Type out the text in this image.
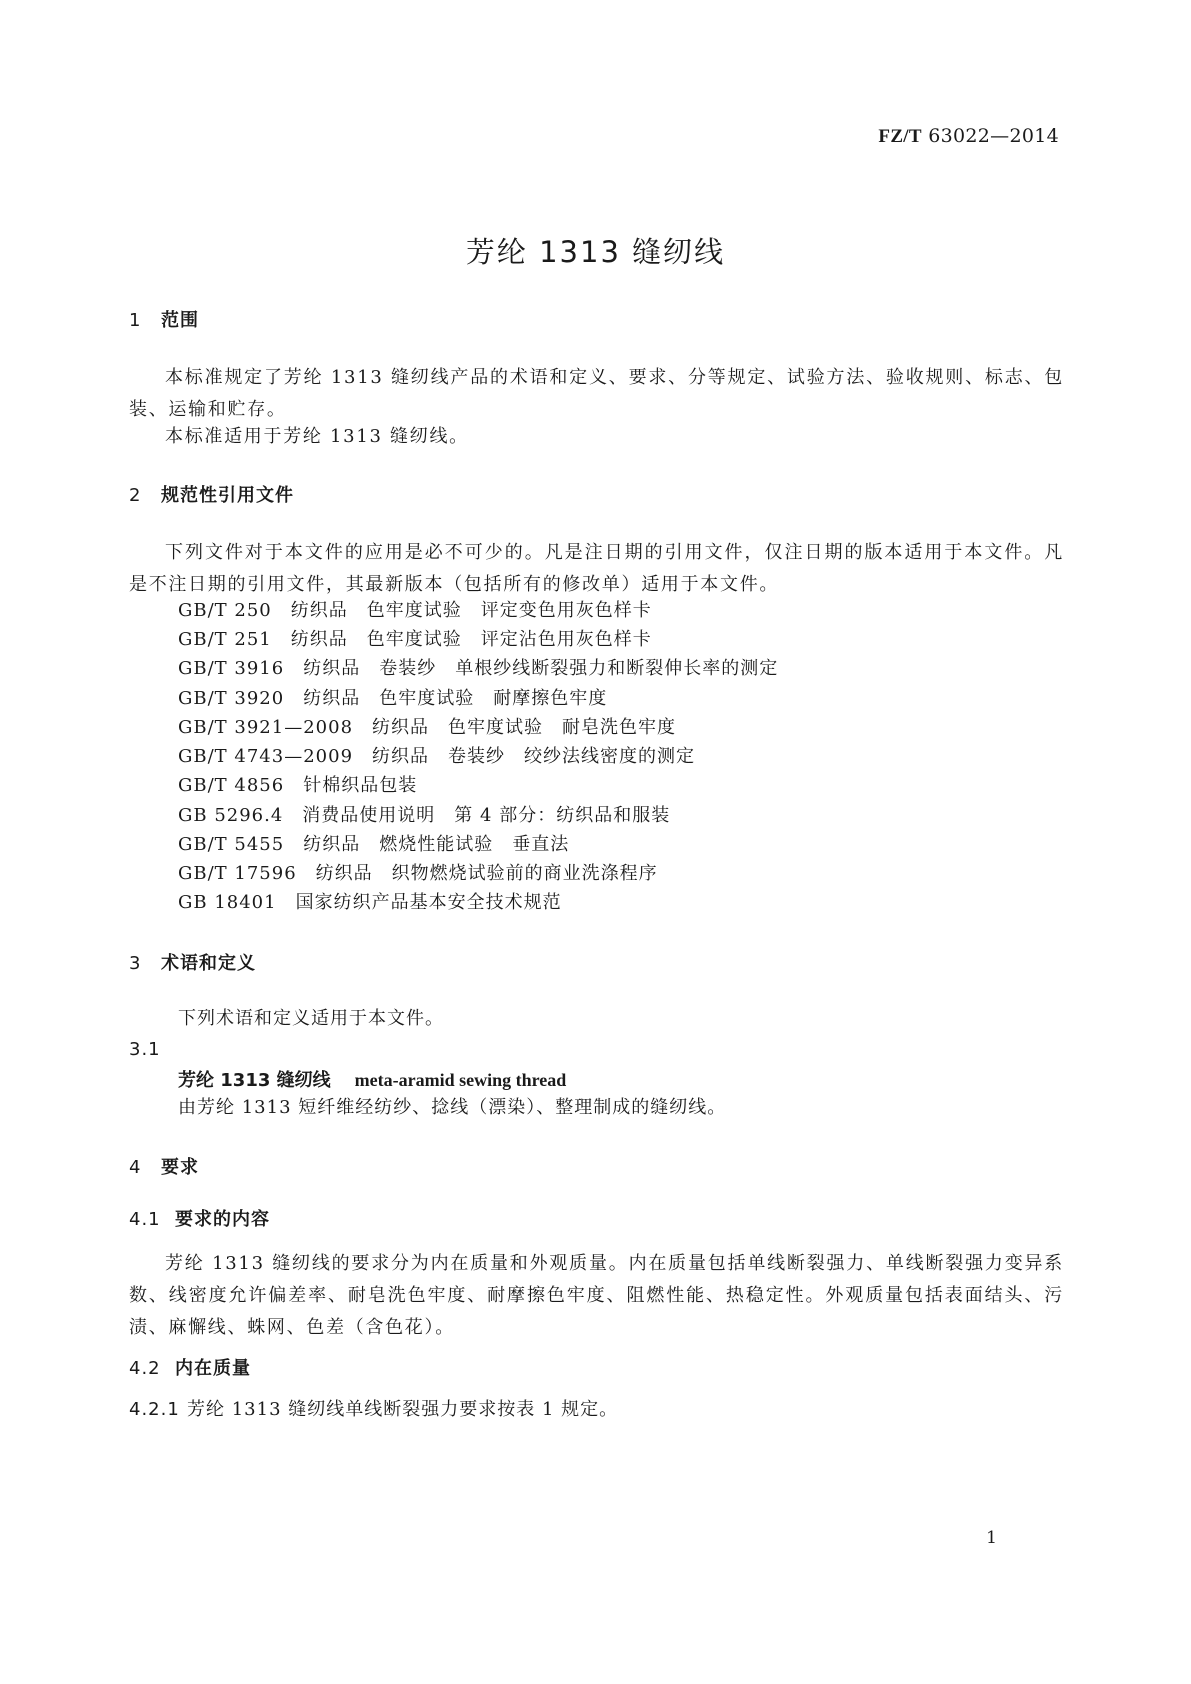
FZ/T 63022—2014
芳纶 1313 缝纫线
1 范围
本标准规定了芳纶 1313 缝纫线产品的术语和定义、要求、分等规定、试验方法、验收规则、标志、包装、运输和贮存。
本标准适用于芳纶 1313 缝纫线。
2 规范性引用文件
下列文件对于本文件的应用是必不可少的。凡是注日期的引用文件，仅注日期的版本适用于本文件。凡是不注日期的引用文件，其最新版本（包括所有的修改单）适用于本文件。
GB/T 250　纺织品　色牢度试验　评定变色用灰色样卡
GB/T 251　纺织品　色牢度试验　评定沾色用灰色样卡
GB/T 3916　纺织品　卷装纱　单根纱线断裂强力和断裂伸长率的测定
GB/T 3920　纺织品　色牢度试验　耐摩擦色牢度
GB/T 3921—2008　纺织品　色牢度试验　耐皂洗色牢度
GB/T 4743—2009　纺织品　卷装纱　绞纱法线密度的测定
GB/T 4856　针棉织品包装
GB 5296.4　消费品使用说明　第 4 部分：纺织品和服装
GB/T 5455　纺织品　燃烧性能试验　垂直法
GB/T 17596　纺织品　织物燃烧试验前的商业洗涤程序
GB 18401　国家纺织产品基本安全技术规范
3 术语和定义
下列术语和定义适用于本文件。
3.1
芳纶 1313 缝纫线 meta-aramid sewing thread
由芳纶 1313 短纤维经纺纱、捻线（漂染）、整理制成的缝纫线。
4 要求
4.1 要求的内容
芳纶 1313 缝纫线的要求分为内在质量和外观质量。内在质量包括单线断裂强力、单线断裂强力变异系数、线密度允许偏差率、耐皂洗色牢度、耐摩擦色牢度、阻燃性能、热稳定性。外观质量包括表面结头、污渍、麻懈线、蛛网、色差（含色花）。
4.2 内在质量
4.2.1 芳纶 1313 缝纫线单线断裂强力要求按表 1 规定。
1
